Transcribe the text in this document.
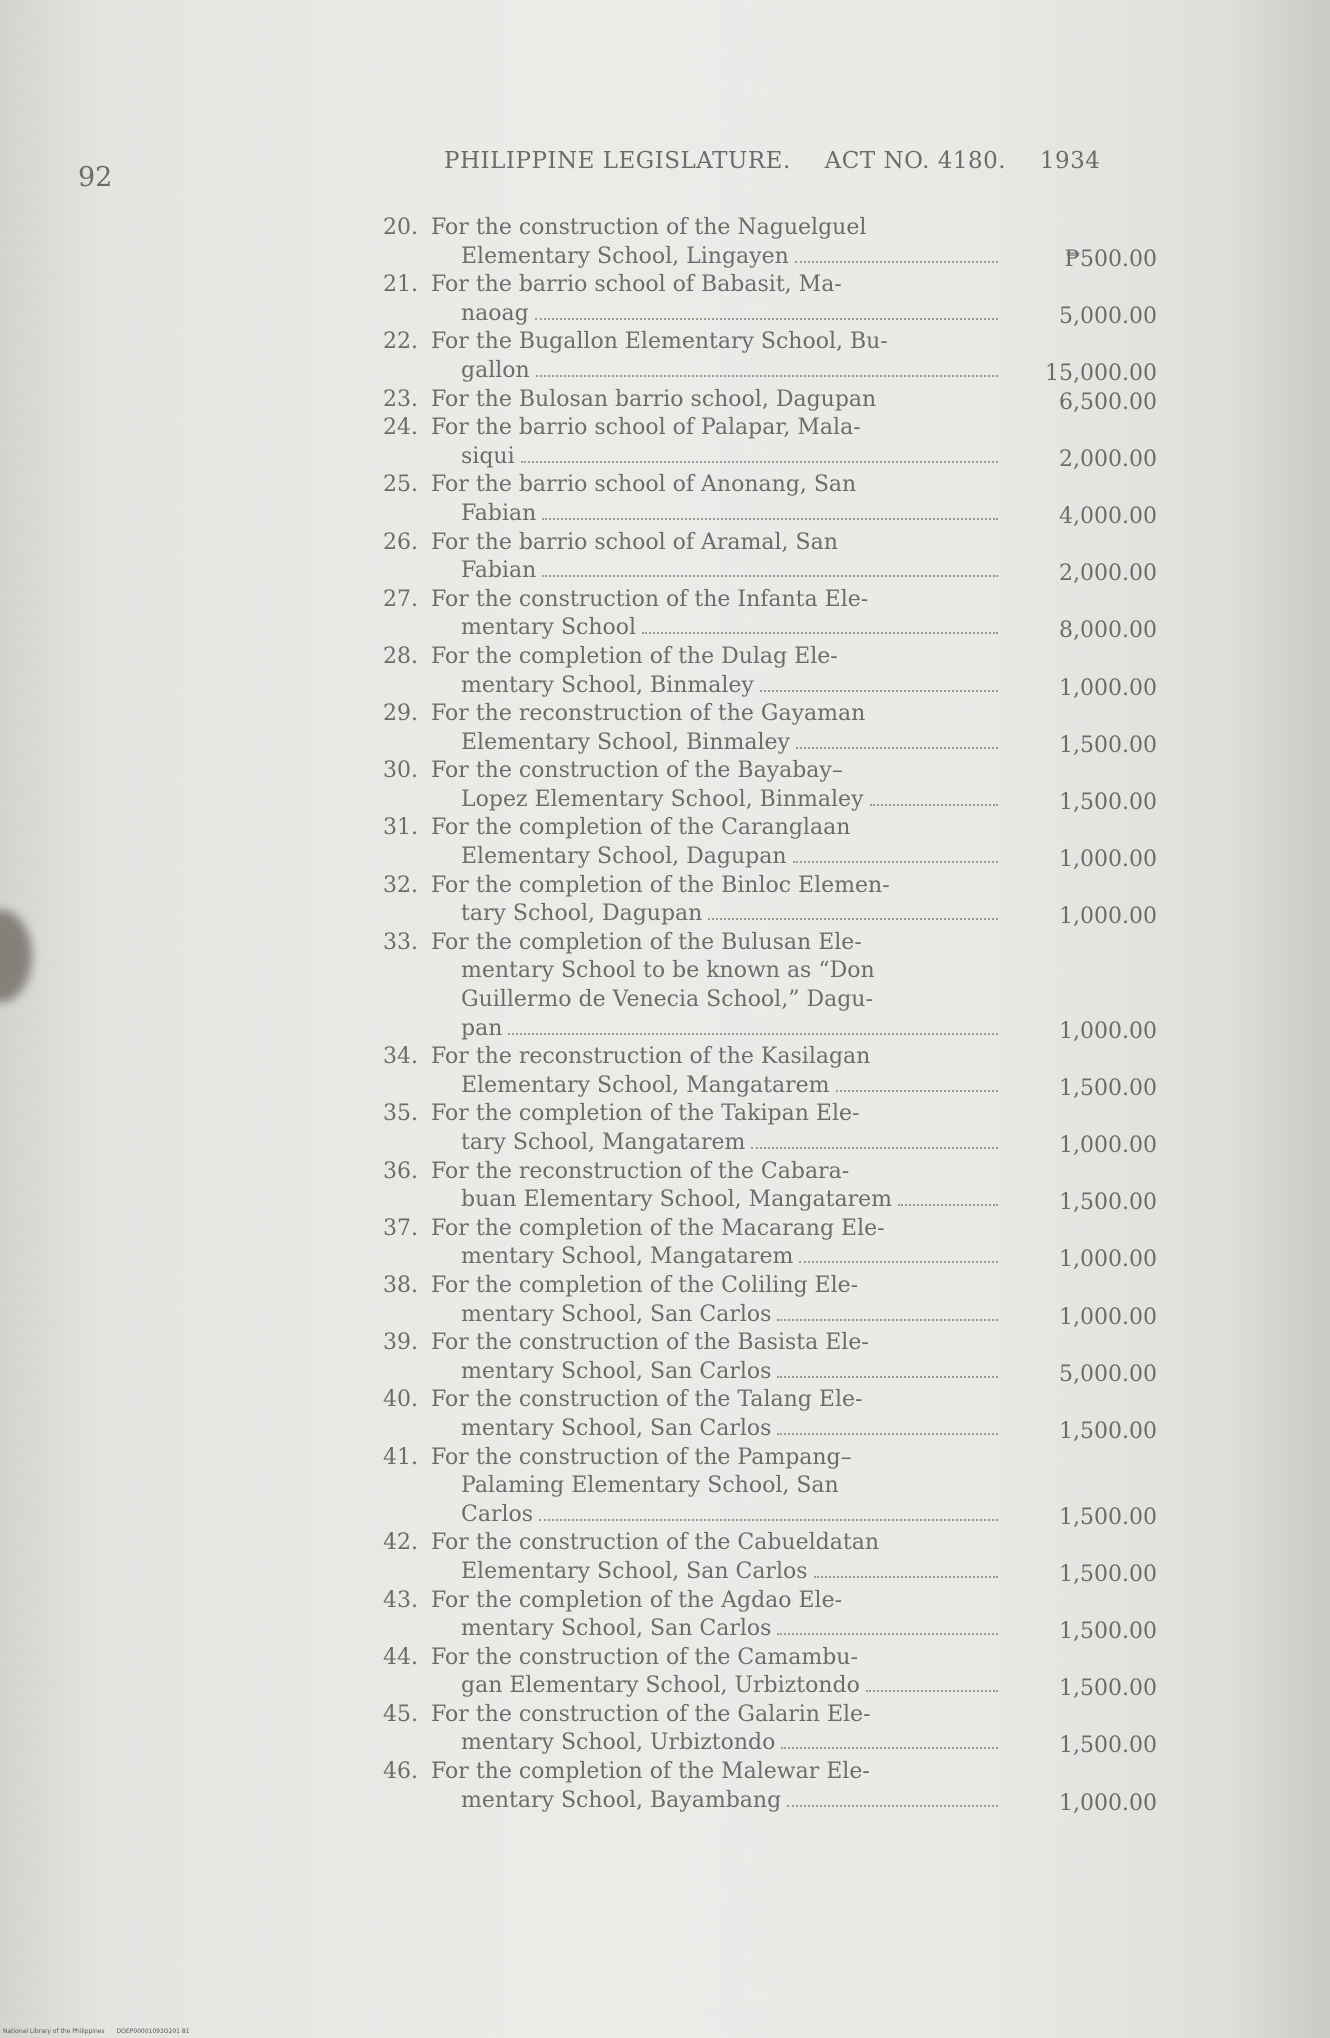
92
PHILIPPINE LEGISLATURE. ACT NO. 4180. 1934
20. For the construction of the Naguelguel
Elementary School, Lingayen	₱500.00
21. For the barrio school of Babasit, Ma-
naoag	5,000.00
22. For the Bugallon Elementary School, Bu-
gallon	15,000.00
23. For the Bulosan barrio school, Dagupan	6,500.00
24. For the barrio school of Palapar, Mala-
siqui	2,000.00
25. For the barrio school of Anonang, San
Fabian	4,000.00
26. For the barrio school of Aramal, San
Fabian	2,000.00
27. For the construction of the Infanta Ele-
mentary School	8,000.00
28. For the completion of the Dulag Ele-
mentary School, Binmaley	1,000.00
29. For the reconstruction of the Gayaman
Elementary School, Binmaley	1,500.00
30. For the construction of the Bayabay–
Lopez Elementary School, Binmaley	1,500.00
31. For the completion of the Caranglaan
Elementary School, Dagupan	1,000.00
32. For the completion of the Binloc Elemen-
tary School, Dagupan	1,000.00
33. For the completion of the Bulusan Ele-
mentary School to be known as “Don
Guillermo de Venecia School,” Dagu-
pan	1,000.00
34. For the reconstruction of the Kasilagan
Elementary School, Mangatarem	1,500.00
35. For the completion of the Takipan Ele-
tary School, Mangatarem	1,000.00
36. For the reconstruction of the Cabara-
buan Elementary School, Mangatarem	1,500.00
37. For the completion of the Macarang Ele-
mentary School, Mangatarem	1,000.00
38. For the completion of the Coliling Ele-
mentary School, San Carlos	1,000.00
39. For the construction of the Basista Ele-
mentary School, San Carlos	5,000.00
40. For the construction of the Talang Ele-
mentary School, San Carlos	1,500.00
41. For the construction of the Pampang–
Palaming Elementary School, San
Carlos	1,500.00
42. For the construction of the Cabueldatan
Elementary School, San Carlos	1,500.00
43. For the completion of the Agdao Ele-
mentary School, San Carlos	1,500.00
44. For the construction of the Camambu-
gan Elementary School, Urbiztondo	1,500.00
45. For the construction of the Galarin Ele-
mentary School, Urbiztondo	1,500.00
46. For the completion of the Malewar Ele-
mentary School, Bayambang	1,000.00
National Library of the Philippines DOEP00001093O201 81
